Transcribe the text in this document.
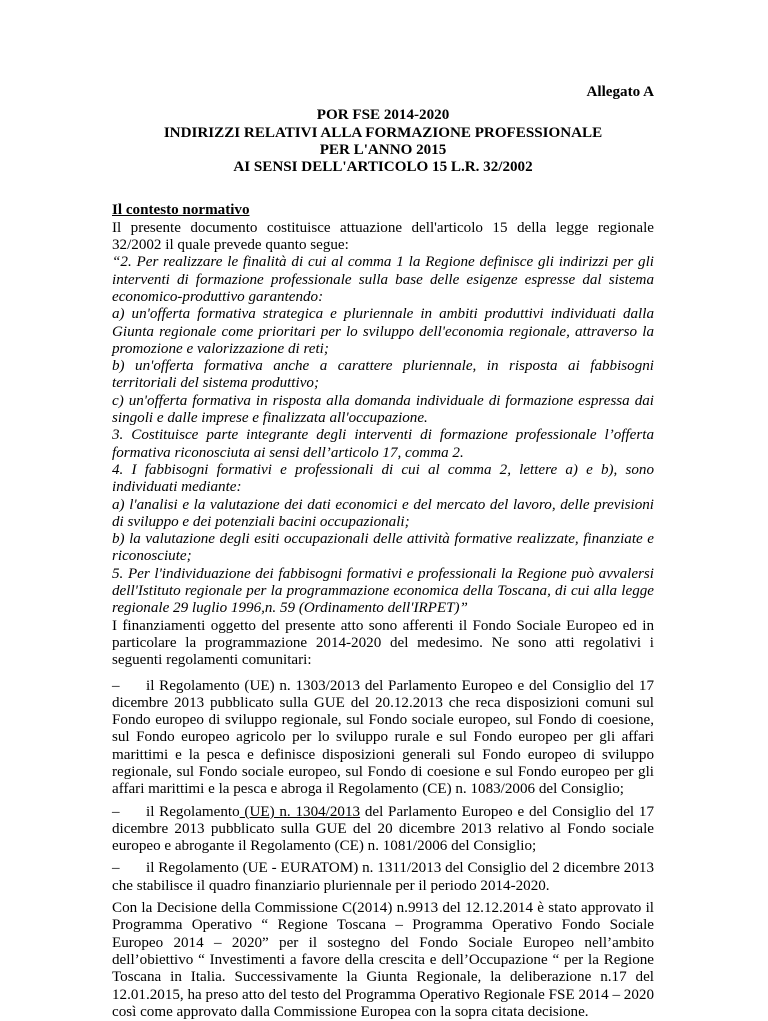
Allegato A

POR FSE 2014-2020

INDIRIZZI RELATIVI ALLA FORMAZIONE PROFESSIONALE

PER L'ANNO 2015

AI SENSI DELL'ARTICOLO 15 L.R. 32/2002

Il contesto normativo

Il presente documento costituisce attuazione dell'articolo 15 della legge regionale 32/2002 il quale prevede quanto segue:

“2. Per realizzare le finalità di cui al comma 1 la Regione definisce gli indirizzi per gli interventi di formazione professionale sulla base delle esigenze espresse dal sistema economico-produttivo garantendo:

a) un'offerta formativa strategica e pluriennale in ambiti produttivi individuati dalla Giunta regionale come prioritari per lo sviluppo dell'economia regionale, attraverso la promozione e valorizzazione di reti;

b) un'offerta formativa anche a carattere pluriennale, in risposta ai fabbisogni territoriali del sistema produttivo;

c) un'offerta formativa in risposta alla domanda individuale di formazione espressa dai singoli e dalle imprese e finalizzata all'occupazione.

3. Costituisce parte integrante degli interventi di formazione professionale l’offerta formativa riconosciuta ai sensi dell’articolo 17, comma 2.

4. I fabbisogni formativi e professionali di cui al comma 2, lettere a) e b), sono individuati mediante:

a) l'analisi e la valutazione dei dati economici e del mercato del lavoro, delle previsioni di sviluppo e dei potenziali bacini occupazionali;

b) la valutazione degli esiti occupazionali delle attività formative realizzate, finanziate e riconosciute;

5. Per l'individuazione dei fabbisogni formativi e professionali la Regione può avvalersi dell'Istituto regionale per la programmazione economica della Toscana, di cui alla legge regionale 29 luglio 1996,n. 59 (Ordinamento dell'IRPET)”

I finanziamenti oggetto del presente atto sono afferenti il Fondo Sociale Europeo ed in particolare la programmazione 2014-2020 del medesimo. Ne sono atti regolativi i seguenti regolamenti comunitari:

– il Regolamento (UE) n. 1303/2013 del Parlamento Europeo e del Consiglio del 17 dicembre 2013 pubblicato sulla GUE del 20.12.2013 che reca disposizioni comuni sul Fondo europeo di sviluppo regionale, sul Fondo sociale europeo, sul Fondo di coesione, sul Fondo europeo agricolo per lo sviluppo rurale e sul Fondo europeo per gli affari marittimi e la pesca e definisce disposizioni generali sul Fondo europeo di sviluppo regionale, sul Fondo sociale europeo, sul Fondo di coesione e sul Fondo europeo per gli affari marittimi e la pesca e abroga il Regolamento (CE) n. 1083/2006 del Consiglio;

– il Regolamento (UE) n. 1304/2013 del Parlamento Europeo e del Consiglio del 17 dicembre 2013 pubblicato sulla GUE del 20 dicembre 2013 relativo al Fondo sociale europeo e abrogante il Regolamento (CE) n. 1081/2006 del Consiglio;

– il Regolamento (UE - EURATOM) n. 1311/2013 del Consiglio del 2 dicembre 2013 che stabilisce il quadro finanziario pluriennale per il periodo 2014-2020.

Con la Decisione della Commissione C(2014) n.9913 del 12.12.2014 è stato approvato il Programma Operativo “ Regione Toscana – Programma Operativo Fondo Sociale Europeo 2014 – 2020” per il sostegno del Fondo Sociale Europeo nell’ambito dell’obiettivo “ Investimenti a favore della crescita e dell’Occupazione “ per la Regione Toscana in Italia. Successivamente la Giunta Regionale, la deliberazione n.17 del 12.01.2015, ha preso atto del testo del Programma Operativo Regionale FSE 2014 – 2020 così come approvato dalla Commissione Europea con la sopra citata decisione.
